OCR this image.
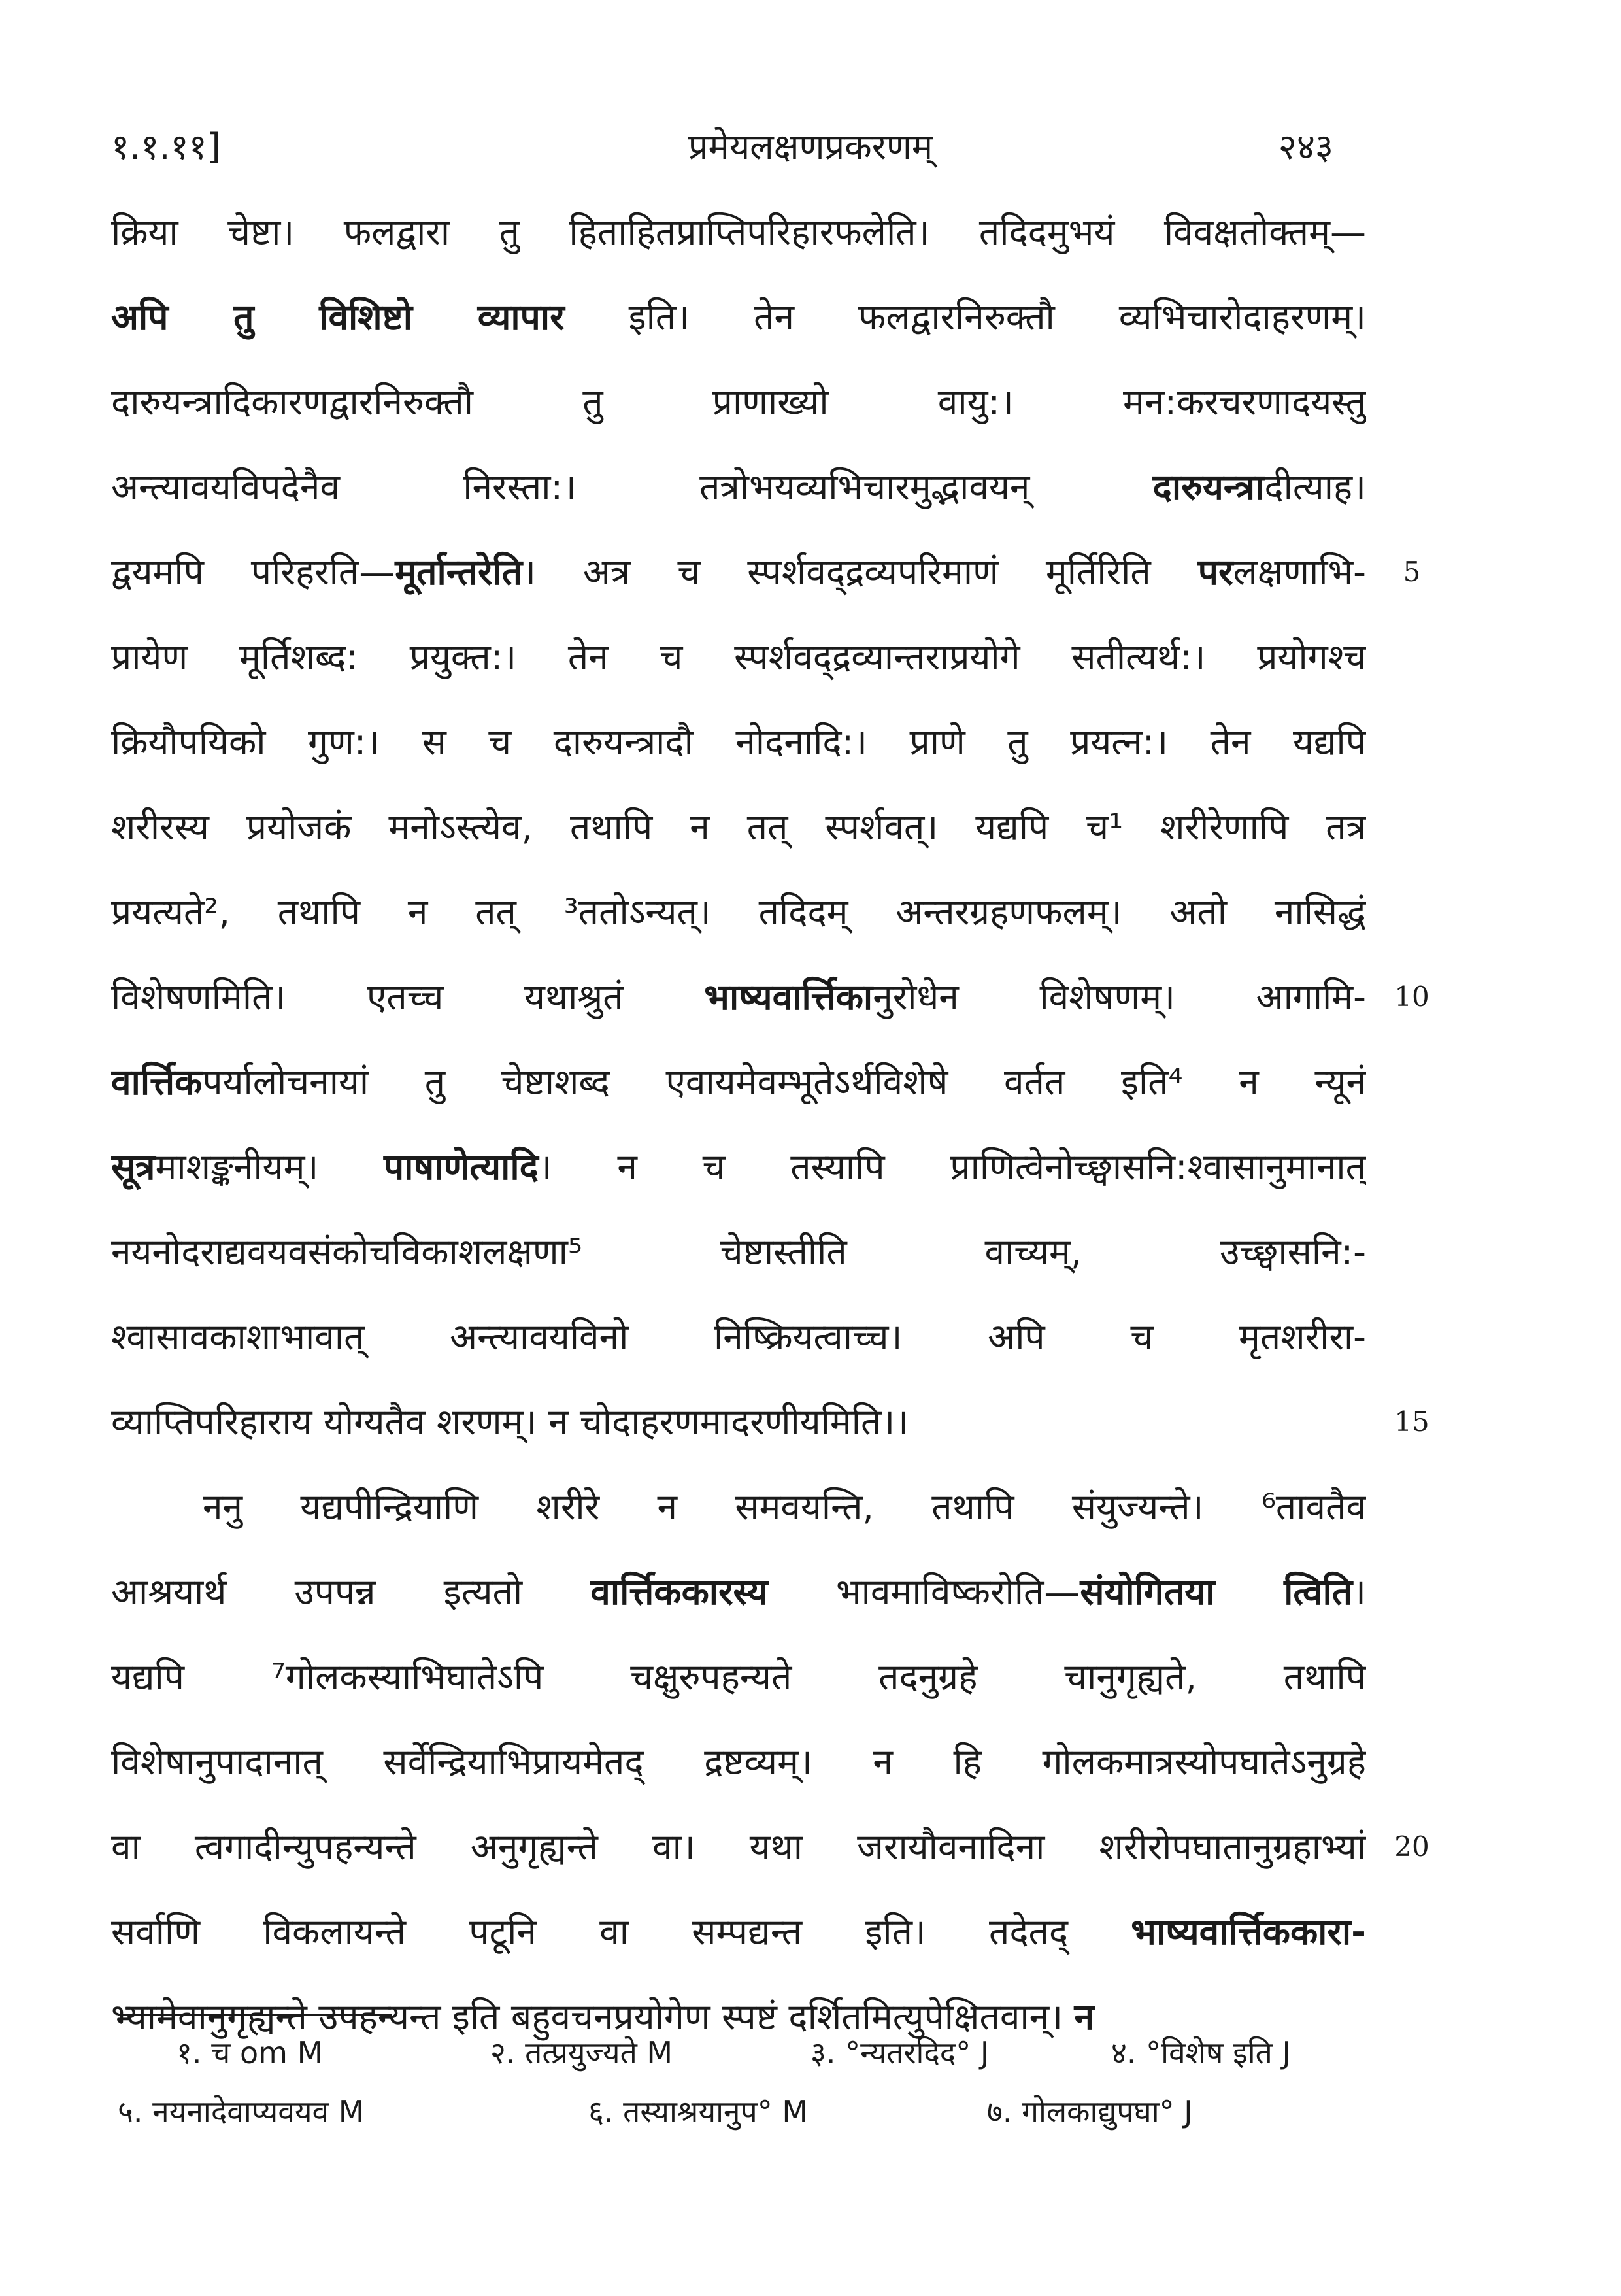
१.१.११]	प्रमेयलक्षणप्रकरणम्	२४३
क्रिया चेष्टा। फलद्वारा तु हिताहितप्राप्तिपरिहारफलेति। तदिदमुभयं विवक्षतोक्तम्—
अपि तु विशिष्टो व्यापार इति। तेन फलद्वारनिरुक्तौ व्यभिचारोदाहरणम्।
दारुयन्त्रादिकारणद्वारनिरुक्तौ तु प्राणाख्यो वायु:। मन:करचरणादयस्तु
अन्त्यावयविपदेनैव निरस्ता:। तत्रोभयव्यभिचारमुद्भावयन् दारुयन्त्रादीत्याह।
द्वयमपि परिहरति—मूर्तान्तरेति। अत्र च स्पर्शवद्द्रव्यपरिमाणं मूर्तिरिति परलक्षणाभि-
प्रायेण मूर्तिशब्द: प्रयुक्त:। तेन च स्पर्शवद्द्रव्यान्तराप्रयोगे सतीत्यर्थ:। प्रयोगश्च
क्रियौपयिको गुण:। स च दारुयन्त्रादौ नोदनादि:। प्राणे तु प्रयत्न:। तेन यद्यपि
शरीरस्य प्रयोजकं मनोऽस्त्येव, तथापि न तत् स्पर्शवत्। यद्यपि च¹ शरीरेणापि तत्र
प्रयत्यते², तथापि न तत् ³ततोऽन्यत्। तदिदम् अन्तरग्रहणफलम्। अतो नासिद्धं
विशेषणमिति। एतच्च यथाश्रुतं भाष्यवार्त्तिकानुरोधेन विशेषणम्। आगामि-
वार्त्तिकपर्यालोचनायां तु चेष्टाशब्द एवायमेवम्भूतेऽर्थविशेषे वर्तत इति⁴ न न्यूनं
सूत्रमाशङ्कनीयम्। पाषाणेत्यादि। न च तस्यापि प्राणित्वेनोच्छ्वासनि:श्वासानुमानात्
नयनोदराद्यवयवसंकोचविकाशलक्षणा⁵ चेष्टास्तीति वाच्यम्, उच्छ्वासनि:-
श्वासावकाशाभावात् अन्त्यावयविनो निष्क्रियत्वाच्च। अपि च मृतशरीरा-
व्याप्तिपरिहाराय योग्यतैव शरणम्। न चोदाहरणमादरणीयमिति।।
ननु यद्यपीन्द्रियाणि शरीरे न समवयन्ति, तथापि संयुज्यन्ते। ⁶तावतैव
आश्रयार्थ उपपन्न इत्यतो वार्त्तिककारस्य भावमाविष्करोति—संयोगितया त्विति।
यद्यपि ⁷गोलकस्याभिघातेऽपि चक्षुरुपहन्यते तदनुग्रहे चानुगृह्यते, तथापि
विशेषानुपादानात् सर्वेन्द्रियाभिप्रायमेतद् द्रष्टव्यम्। न हि गोलकमात्रस्योपघातेऽनुग्रहे
वा त्वगादीन्युपहन्यन्ते अनुगृह्यन्ते वा। यथा जरायौवनादिना शरीरोपघातानुग्रहाभ्यां
सर्वाणि विकलायन्ते पटूनि वा सम्पद्यन्त इति। तदेतद् भाष्यवार्त्तिककारा-
भ्यामेवानुगृह्यन्ते उपहन्यन्त इति बहुवचनप्रयोगेण स्पष्टं दर्शितमित्युपेक्षितवान्। न
5
10
15
20
१. च om M	२. तत्प्रयुज्यते M	३. °न्यतरदिद° J	४. °विशेष इति J
५. नयनादेवाप्यवयव M	६. तस्याश्रयानुप° M	७. गोलकाद्युपघा° J
